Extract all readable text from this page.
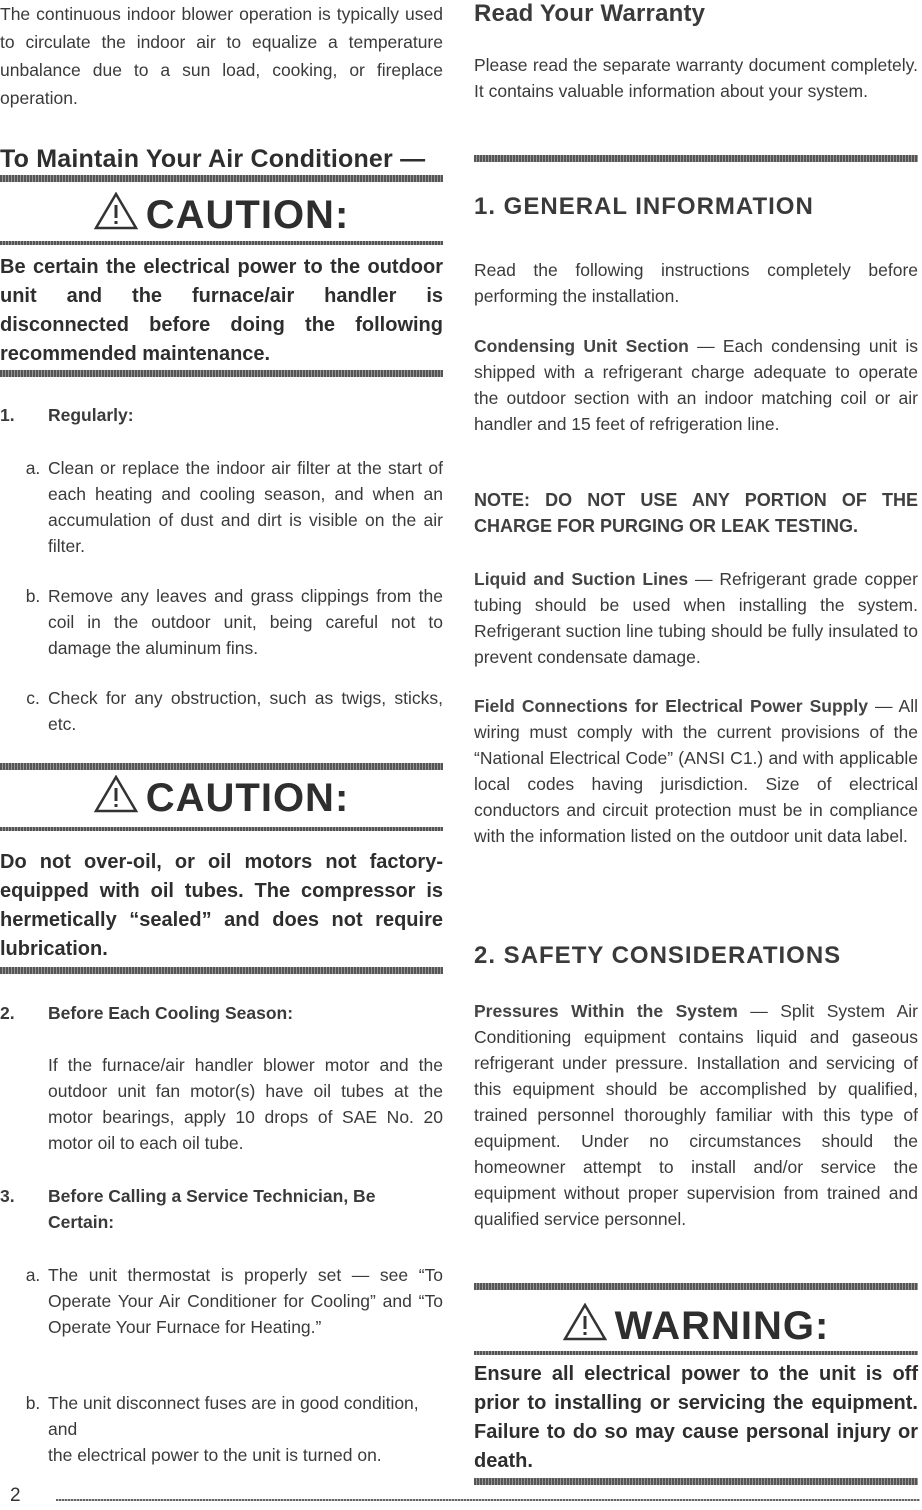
The continuous indoor blower operation is typically used to circulate the indoor air to equalize a temperature unbalance due to a sun load, cooking, or fireplace operation.

To Maintain Your Air Conditioner —
CAUTION:

Be certain the electrical power to the outdoor unit and the furnace/air handler is disconnected before doing the following recommended maintenance.

1.	Regularly:
a. Clean or replace the indoor air filter at the start of each heating and cooling season, and when an accumulation of dust and dirt is visible on the air filter.
b. Remove any leaves and grass clippings from the coil in the outdoor unit, being careful not to damage the aluminum fins.
c. Check for any obstruction, such as twigs, sticks, etc.
CAUTION:

Do not over-oil, or oil motors not factory-equipped with oil tubes. The compressor is hermetically “sealed” and does not require lubrication.

2.	Before Each Cooling Season:

If the furnace/air handler blower motor and the outdoor unit fan motor(s) have oil tubes at the motor bearings, apply 10 drops of SAE No. 20 motor oil to each oil tube.

3.	Before Calling a Service Technician, Be Certain:
a. The unit thermostat is properly set — see “To Operate Your Air Conditioner for Cooling” and “To Operate Your Furnace for Heating.”
b. The unit disconnect fuses are in good condition, and
the electrical power to the unit is turned on.
Read Your Warranty

Please read the separate warranty document completely. It contains valuable information about your system.

1. GENERAL INFORMATION

Read the following instructions completely before performing the installation.

Condensing Unit Section — Each condensing unit is shipped with a refrigerant charge adequate to operate the outdoor section with an indoor matching coil or air handler and 15 feet of refrigeration line.

NOTE: DO NOT USE ANY PORTION OF THE CHARGE FOR PURGING OR LEAK TESTING.

Liquid and Suction Lines — Refrigerant grade copper tubing should be used when installing the system. Refrigerant suction line tubing should be fully insulated to prevent condensate damage.

Field Connections for Electrical Power Supply — All wiring must comply with the current provisions of the “National Electrical Code” (ANSI C1.) and with applicable local codes having jurisdiction. Size of electrical conductors and circuit protection must be in compliance with the information listed on the outdoor unit data label.

2. SAFETY CONSIDERATIONS

Pressures Within the System — Split System Air Conditioning equipment contains liquid and gaseous refrigerant under pressure. Installation and servicing of this equipment should be accomplished by qualified, trained personnel thoroughly familiar with this type of equipment. Under no circumstances should the homeowner attempt to install and/or service the equipment without proper supervision from trained and qualified service personnel.

WARNING:

Ensure all electrical power to the unit is off prior to installing or servicing the equipment. Failure to do so may cause personal injury or death.

2
